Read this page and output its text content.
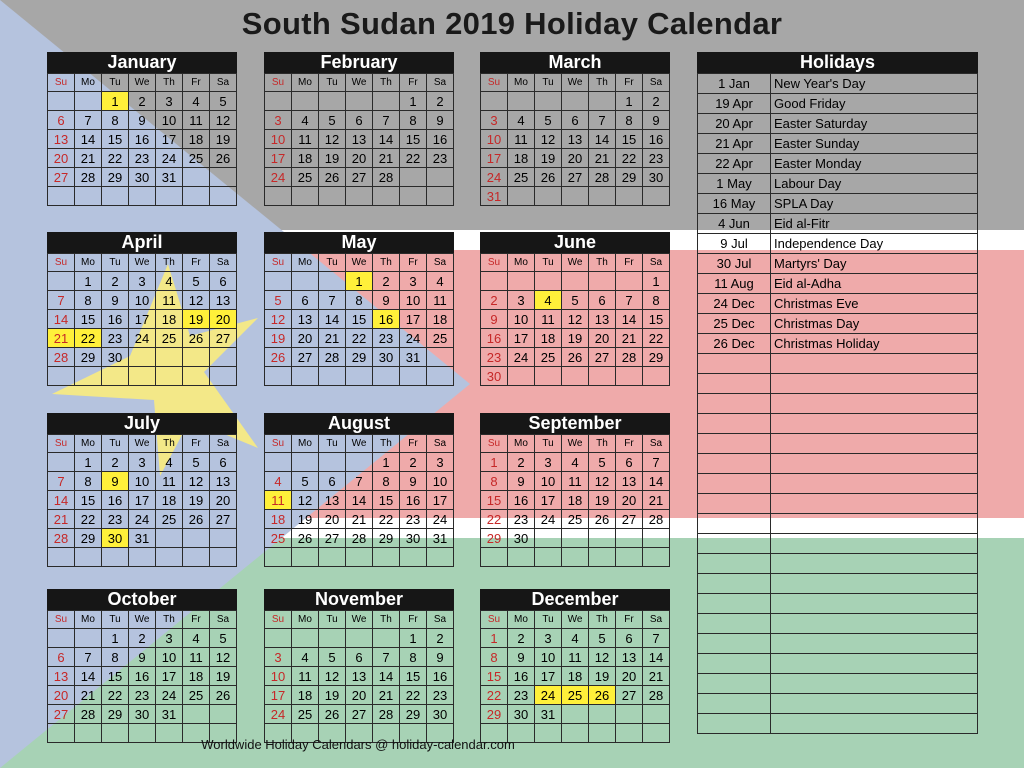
South Sudan 2019 Holiday Calendar
January
Su	Mo	Tu	We	Th	Fr	Sa
		1	2	3	4	5
6	7	8	9	10	11	12
13	14	15	16	17	18	19
20	21	22	23	24	25	26
27	28	29	30	31		

February
Su	Mo	Tu	We	Th	Fr	Sa
					1	2
3	4	5	6	7	8	9
10	11	12	13	14	15	16
17	18	19	20	21	22	23
24	25	26	27	28		

March
Su	Mo	Tu	We	Th	Fr	Sa
					1	2
3	4	5	6	7	8	9
10	11	12	13	14	15	16
17	18	19	20	21	22	23
24	25	26	27	28	29	30
31						
April
Su	Mo	Tu	We	Th	Fr	Sa
	1	2	3	4	5	6
7	8	9	10	11	12	13
14	15	16	17	18	19	20
21	22	23	24	25	26	27
28	29	30				

May
Su	Mo	Tu	We	Th	Fr	Sa
			1	2	3	4
5	6	7	8	9	10	11
12	13	14	15	16	17	18
19	20	21	22	23	24	25
26	27	28	29	30	31	

June
Su	Mo	Tu	We	Th	Fr	Sa
						1
2	3	4	5	6	7	8
9	10	11	12	13	14	15
16	17	18	19	20	21	22
23	24	25	26	27	28	29
30						
July
Su	Mo	Tu	We	Th	Fr	Sa
	1	2	3	4	5	6
7	8	9	10	11	12	13
14	15	16	17	18	19	20
21	22	23	24	25	26	27
28	29	30	31			

August
Su	Mo	Tu	We	Th	Fr	Sa
				1	2	3
4	5	6	7	8	9	10
11	12	13	14	15	16	17
18	19	20	21	22	23	24
25	26	27	28	29	30	31

September
Su	Mo	Tu	We	Th	Fr	Sa
1	2	3	4	5	6	7
8	9	10	11	12	13	14
15	16	17	18	19	20	21
22	23	24	25	26	27	28
29	30					

October
Su	Mo	Tu	We	Th	Fr	Sa
		1	2	3	4	5
6	7	8	9	10	11	12
13	14	15	16	17	18	19
20	21	22	23	24	25	26
27	28	29	30	31		

November
Su	Mo	Tu	We	Th	Fr	Sa
					1	2
3	4	5	6	7	8	9
10	11	12	13	14	15	16
17	18	19	20	21	22	23
24	25	26	27	28	29	30

December
Su	Mo	Tu	We	Th	Fr	Sa
1	2	3	4	5	6	7
8	9	10	11	12	13	14
15	16	17	18	19	20	21
22	23	24	25	26	27	28
29	30	31				

Holidays
1 Jan	New Year's Day
19 Apr	Good Friday
20 Apr	Easter Saturday
21 Apr	Easter Sunday
22 Apr	Easter Monday
1 May	Labour Day
16 May	SPLA Day
4 Jun	Eid al-Fitr
9 Jul	Independence Day
30 Jul	Martyrs' Day
11 Aug	Eid al-Adha
24 Dec	Christmas Eve
25 Dec	Christmas Day
26 Dec	Christmas Holiday

Worldwide Holiday Calendars @ holiday-calendar.com
